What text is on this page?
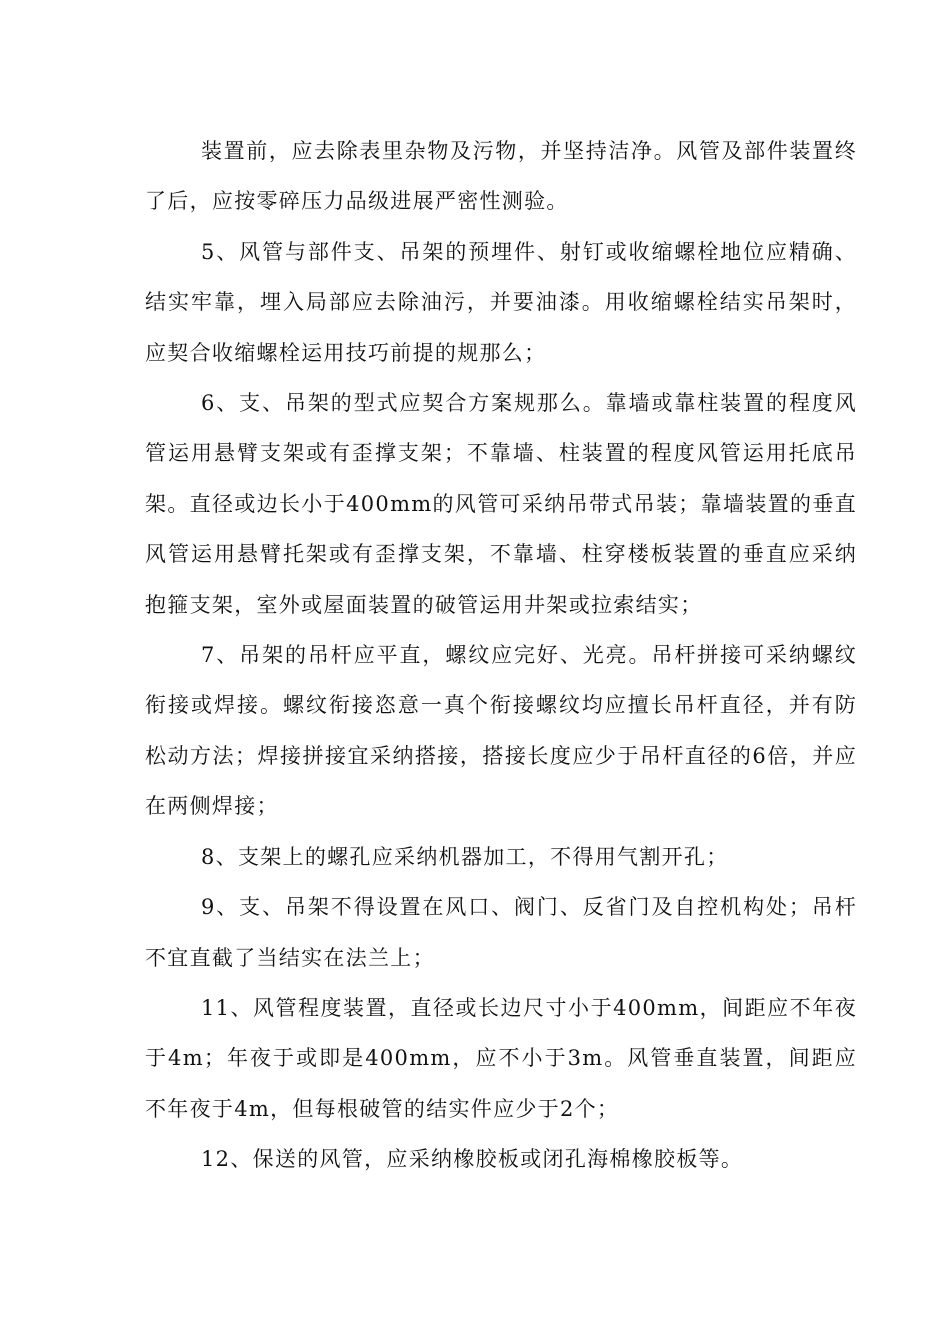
装置前，应去除表里杂物及污物，并坚持洁净。风管及部件装置终了后，应按零碎压力品级进展严密性测验。

5、风管与部件支、吊架的预埋件、射钉或收缩螺栓地位应精确、结实牢靠，埋入局部应去除油污，并要油漆。用收缩螺栓结实吊架时，应契合收缩螺栓运用技巧前提的规那么；

6、支、吊架的型式应契合方案规那么。靠墙或靠柱装置的程度风管运用悬臂支架或有歪撑支架；不靠墙、柱装置的程度风管运用托底吊架。直径或边长小于400mm的风管可采纳吊带式吊装；靠墙装置的垂直风管运用悬臂托架或有歪撑支架，不靠墙、柱穿楼板装置的垂直应采纳抱箍支架，室外或屋面装置的破管运用井架或拉索结实；

7、吊架的吊杆应平直，螺纹应完好、光亮。吊杆拼接可采纳螺纹衔接或焊接。螺纹衔接恣意一真个衔接螺纹均应擅长吊杆直径，并有防松动方法；焊接拼接宜采纳搭接，搭接长度应少于吊杆直径的6倍，并应在两侧焊接；

8、支架上的螺孔应采纳机器加工，不得用气割开孔；

9、支、吊架不得设置在风口、阀门、反省门及自控机构处；吊杆不宜直截了当结实在法兰上；

11、风管程度装置，直径或长边尺寸小于400mm，间距应不年夜于4m；年夜于或即是400mm，应不小于3m。风管垂直装置，间距应不年夜于4m，但每根破管的结实件应少于2个；

12、保送的风管，应采纳橡胶板或闭孔海棉橡胶板等。
